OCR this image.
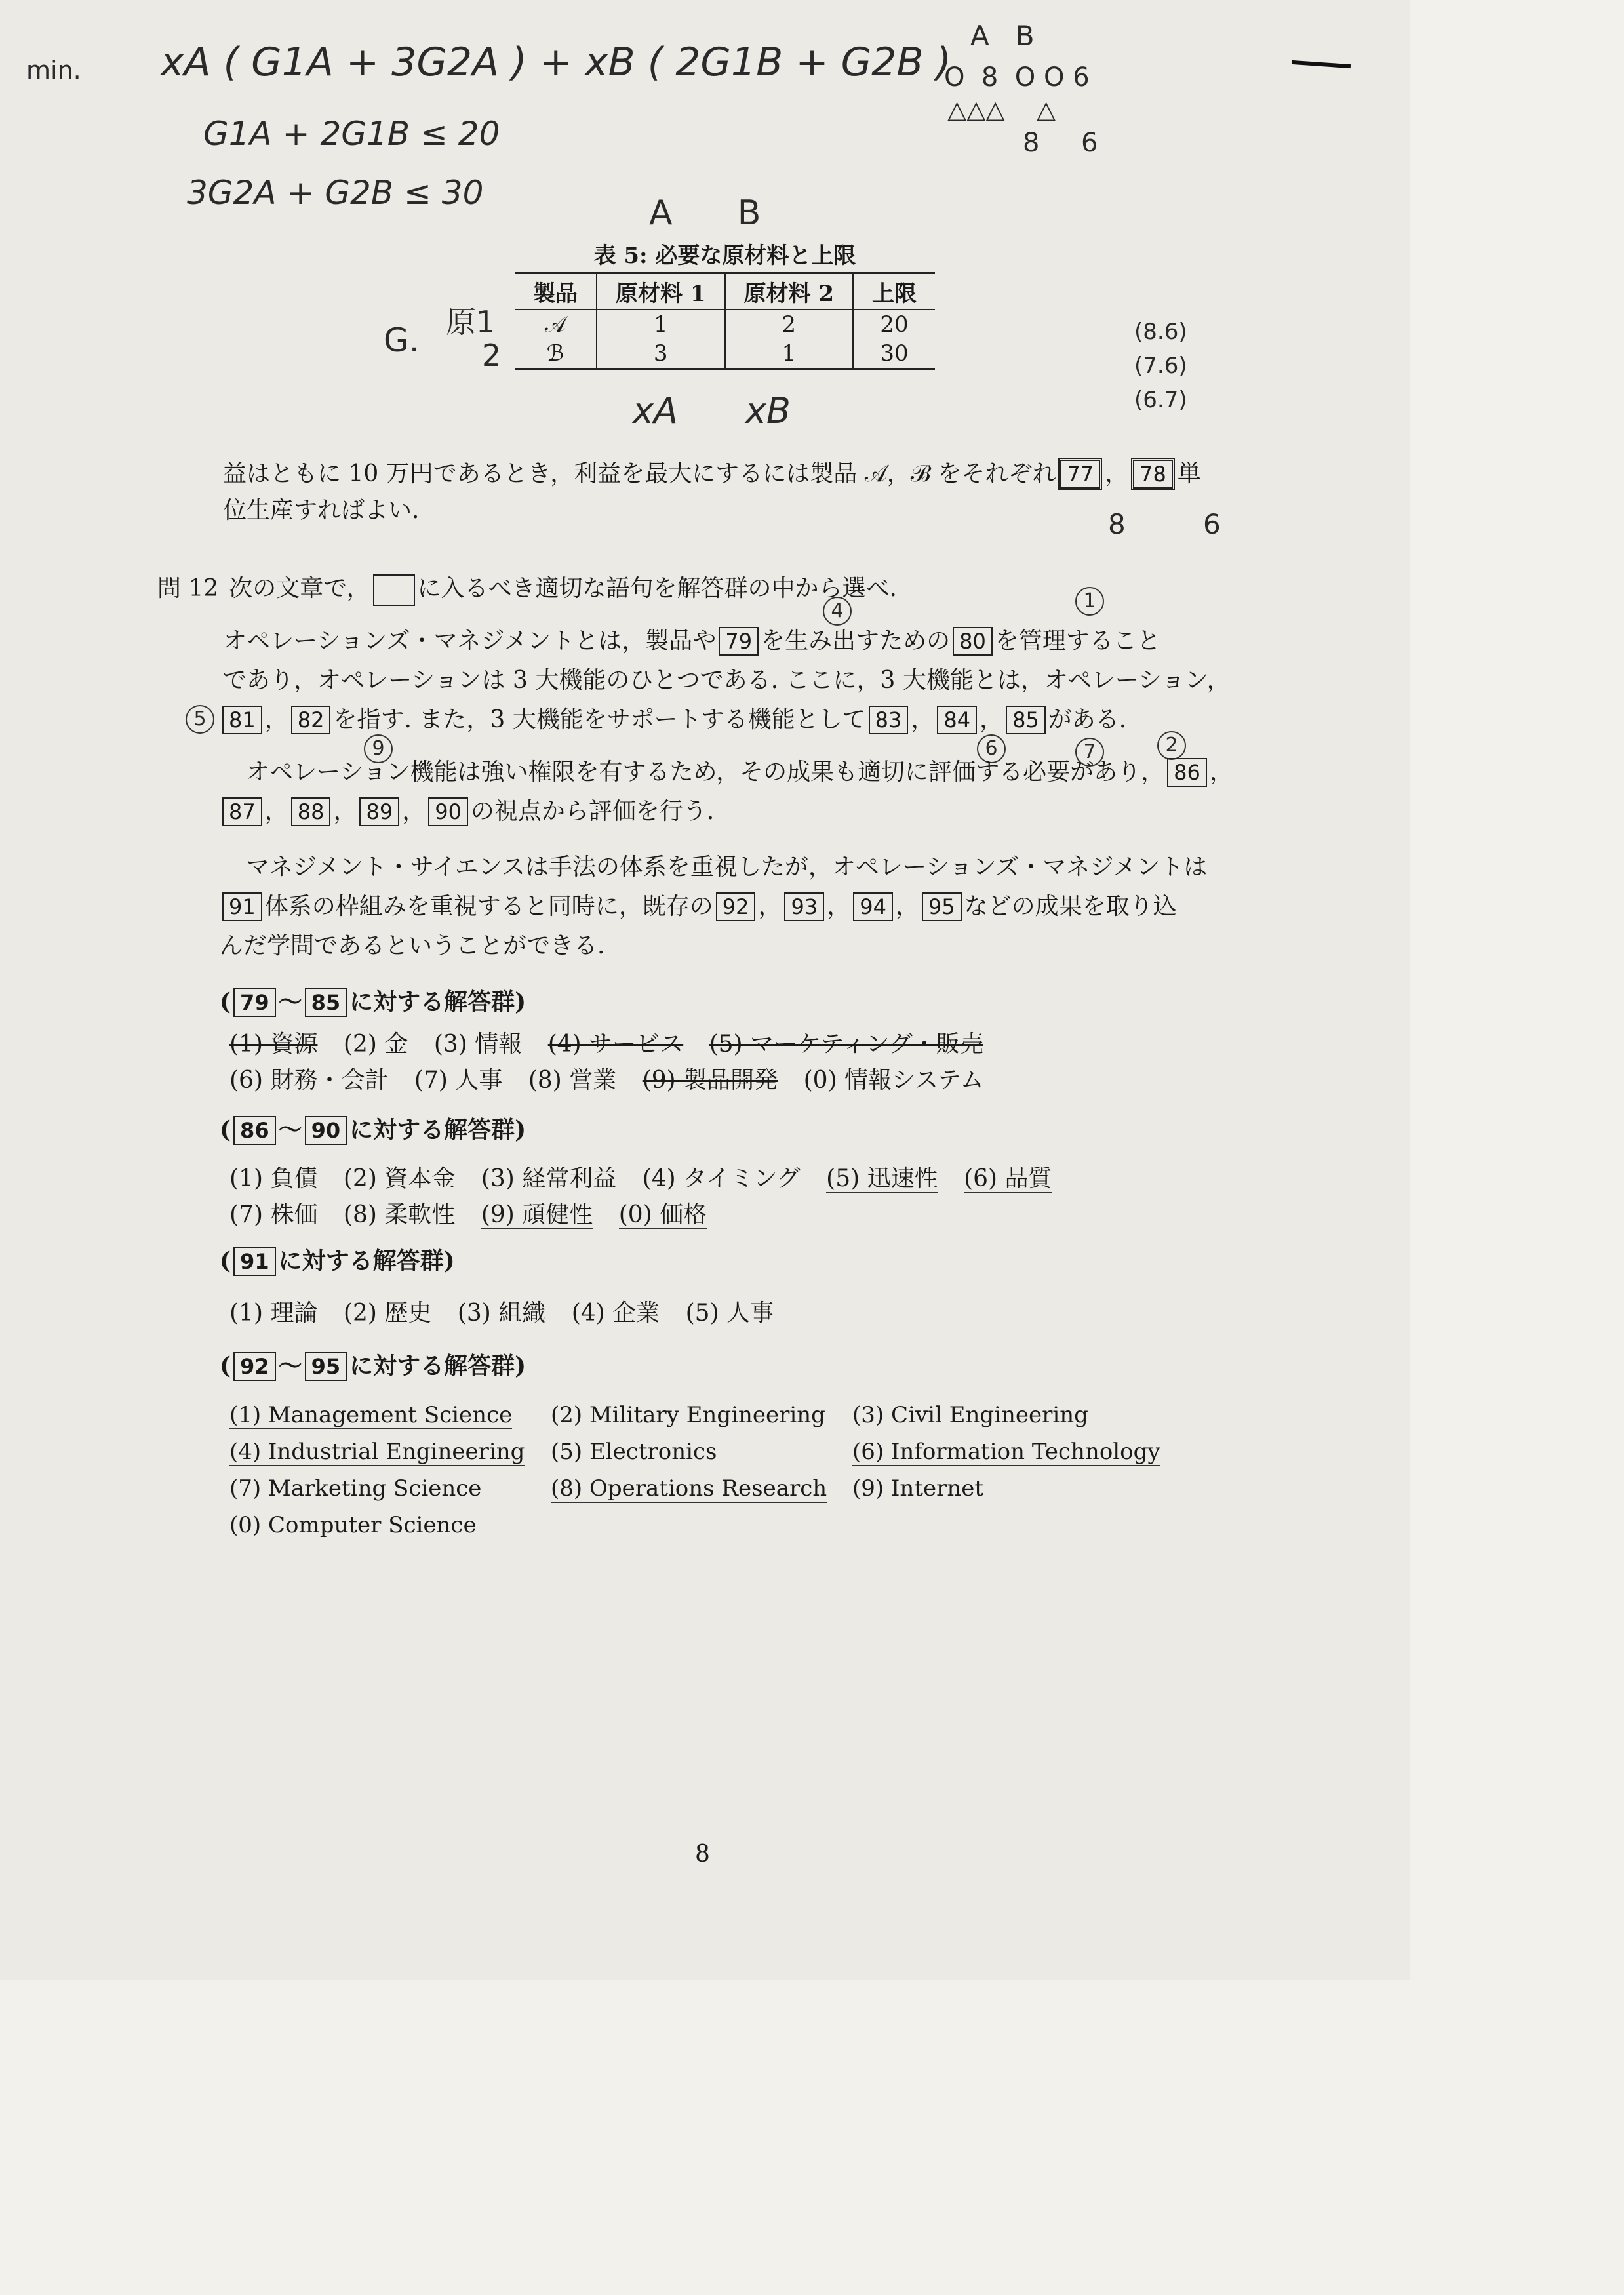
min. xA ( G1A + 3G2A ) + xB ( 2G1B + G2B )
G1A + 2G1B ≤ 20
3G2A + G2B ≤ 30
A   B
O  8  O O 6
△△△    △
8     6
A      B
G. 原1
2
xA      xB
(8.6)
(7.6)
(6.7)
表 5: 必要な原材料と上限
製品	原材料 1	原材料 2	上限
𝒜	1	2	20
ℬ	3	1	30
益はともに 10 万円であるとき，利益を最大にするには製品 𝒜，ℬ をそれぞれ 77 ， 78 単
位生産すればよい.	8	6
問 12 次の文章で， に入るべき適切な語句を解答群の中から選べ.
4	1
オペレーションズ・マネジメントとは，製品や 79 を生み出すための 80 を管理すること
であり，オペレーションは 3 大機能のひとつである. ここに，3 大機能とは，オペレーション，
5	81 ， 82 を指す. また，3 大機能をサポートする機能として 83 ， 84 ， 85 がある.
9	6	7	2
オペレーション機能は強い権限を有するため，その成果も適切に評価する必要があり， 86 ，
87 ， 88 ， 89 ， 90 の視点から評価を行う.
マネジメント・サイエンスは手法の体系を重視したが，オペレーションズ・マネジメントは
91 体系の枠組みを重視すると同時に，既存の 92 ， 93 ， 94 ， 95 などの成果を取り込
んだ学問であるということができる.
( 79 ～ 85 に対する解答群)
(1) 資源 (2) 金 (3) 情報 (4) サービス (5) マーケティング・販売
(6) 財務・会計 (7) 人事 (8) 営業 (9) 製品開発 (0) 情報システム
( 86 ～ 90 に対する解答群)
(1) 負債 (2) 資本金 (3) 経常利益 (4) タイミング (5) 迅速性 (6) 品質
(7) 株価 (8) 柔軟性 (9) 頑健性 (0) 価格
( 91 に対する解答群)
(1) 理論 (2) 歴史 (3) 組織 (4) 企業 (5) 人事
( 92 ～ 95 に対する解答群)
(1) Management Science
(4) Industrial Engineering
(7) Marketing Science
(0) Computer Science
(2) Military Engineering
(5) Electronics
(8) Operations Research
(3) Civil Engineering
(6) Information Technology
(9) Internet
8
